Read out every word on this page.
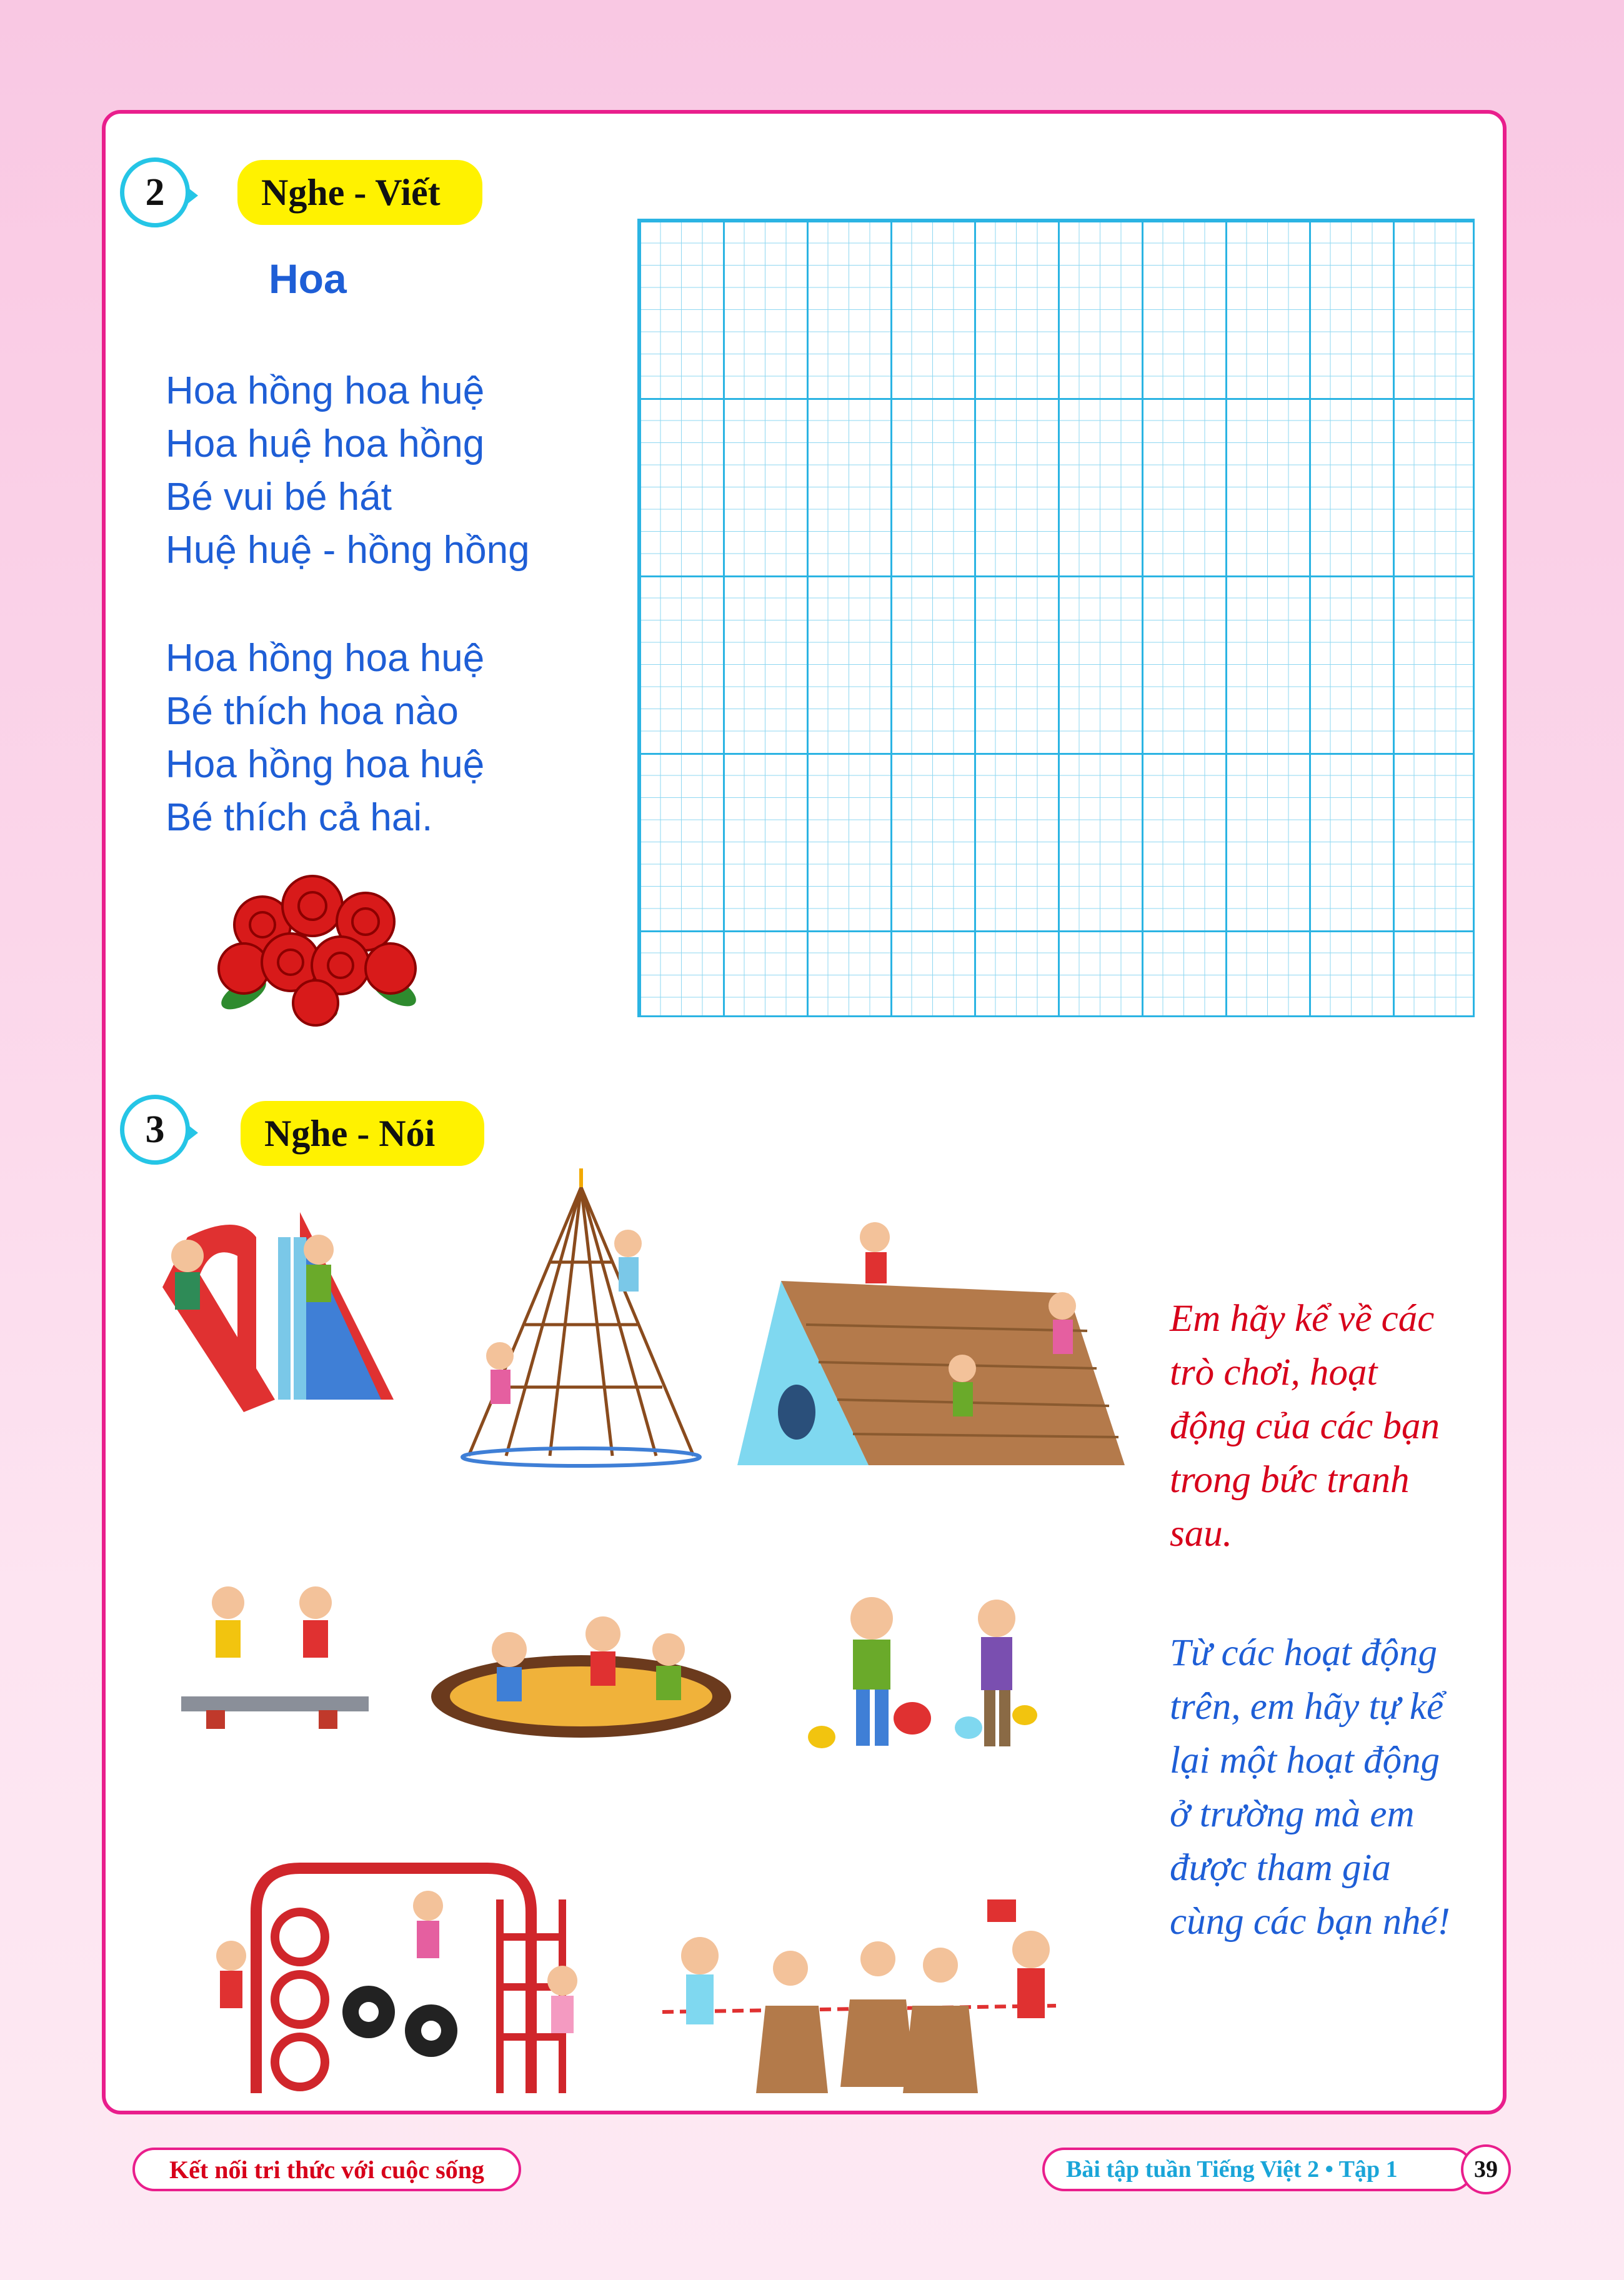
2	Nghe - Viết
Hoa
Hoa hồng hoa huệ
Hoa huệ hoa hồng
Bé vui bé hát
Huệ huệ - hồng hồng
Hoa hồng hoa huệ
Bé thích hoa nào
Hoa hồng hoa huệ
Bé thích cả hai.
3	Nghe - Nói
Em hãy kể về các
trò chơi, hoạt
động của các bạn
trong bức tranh
sau.
Từ các hoạt động
trên, em hãy tự kể
lại một hoạt động
ở trường mà em
được tham gia
cùng các bạn nhé!
Kết nối tri thức với cuộc sống	Bài tập tuần Tiếng Việt 2 • Tập 1	39
